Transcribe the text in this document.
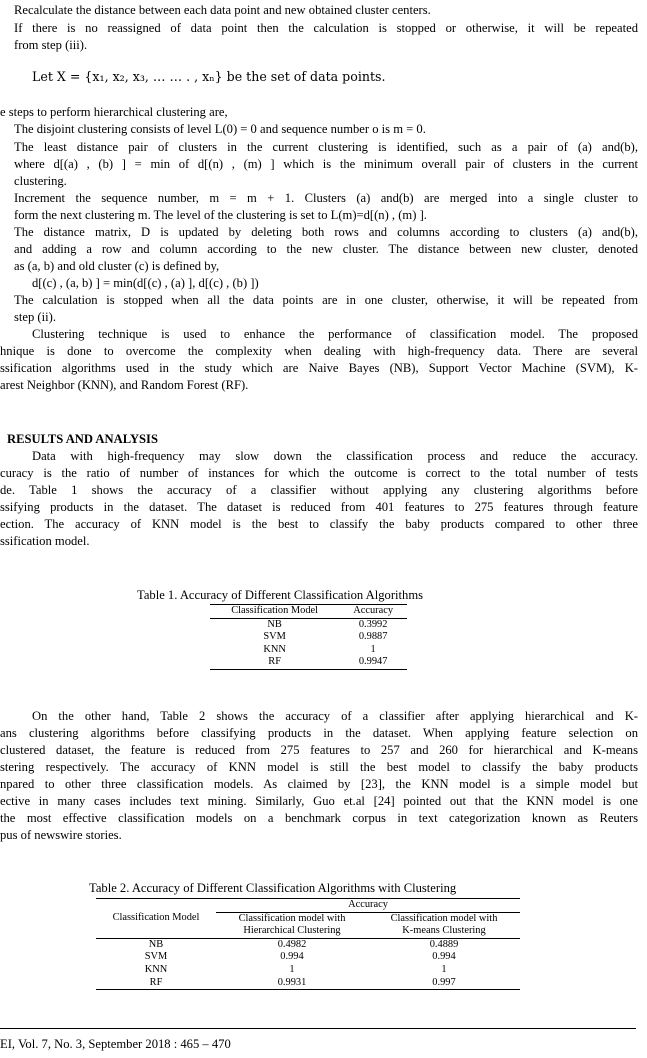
Recalculate the distance between each data point and new obtained cluster centers.

If there is no reassigned of data point then the calculation is stopped or otherwise, it will be repeated

from step (iii).

Let X = {x₁, x₂, x₃, … … . , xₙ} be the set of data points.

e steps to perform hierarchical clustering are,

The disjoint clustering consists of level L(0) = 0 and sequence number o is m = 0.

The least distance pair of clusters in the current clustering is identified, such as a pair of (a) and(b),

where d[(a) , (b) ] = min of d[(n) , (m) ] which is the minimum overall pair of clusters in the current

clustering.

Increment the sequence number, m = m + 1. Clusters (a) and(b) are merged into a single cluster to

form the next clustering m. The level of the clustering is set to L(m)=d[(n) , (m) ].

The distance matrix, D is updated by deleting both rows and columns according to clusters (a) and(b),

and adding a row and column according to the new cluster. The distance between new cluster, denoted

as (a, b) and old cluster (c) is defined by,

d[(c) , (a, b) ] = min(d[(c) , (a) ], d[(c) , (b) ])

The calculation is stopped when all the data points are in one cluster, otherwise, it will be repeated from

step (ii).

Clustering technique is used to enhance the performance of classification model. The proposed

hnique is done to overcome the complexity when dealing with high-frequency data. There are several

ssification algorithms used in the study which are Naive Bayes (NB), Support Vector Machine (SVM), K-

arest Neighbor (KNN), and Random Forest (RF).

RESULTS AND ANALYSIS

Data with high-frequency may slow down the classification process and reduce the accuracy.

curacy is the ratio of number of instances for which the outcome is correct to the total number of tests

de. Table 1 shows the accuracy of a classifier without applying any clustering algorithms before

ssifying products in the dataset. The dataset is reduced from 401 features to 275 features through feature

ection. The accuracy of KNN model is the best to classify the baby products compared to other three

ssification model.

Table 1. Accuracy of Different Classification Algorithms

Classification Model	Accuracy
NB	0.3992
SVM	0.9887
KNN	1
RF	0.9947

On the other hand, Table 2 shows the accuracy of a classifier after applying hierarchical and K-

ans clustering algorithms before classifying products in the dataset. When applying feature selection on

clustered dataset, the feature is reduced from 275 features to 257 and 260 for hierarchical and K-means

stering respectively. The accuracy of KNN model is still the best model to classify the baby products

npared to other three classification models. As claimed by [23], the KNN model is a simple model but

ective in many cases includes text mining. Similarly, Guo et.al [24] pointed out that the KNN model is one

the most effective classification models on a benchmark corpus in text categorization known as Reuters

pus of newswire stories.

Table 2. Accuracy of Different Classification Algorithms with Clustering

Classification Model	Accuracy	
	Classification model with	Classification model with
	Hierarchical Clustering	K-means Clustering
NB	0.4982	0.4889
SVM	0.994	0.994
KNN	1	1
RF	0.9931	0.997

EI, Vol. 7, No. 3, September 2018 : 465 – 470
